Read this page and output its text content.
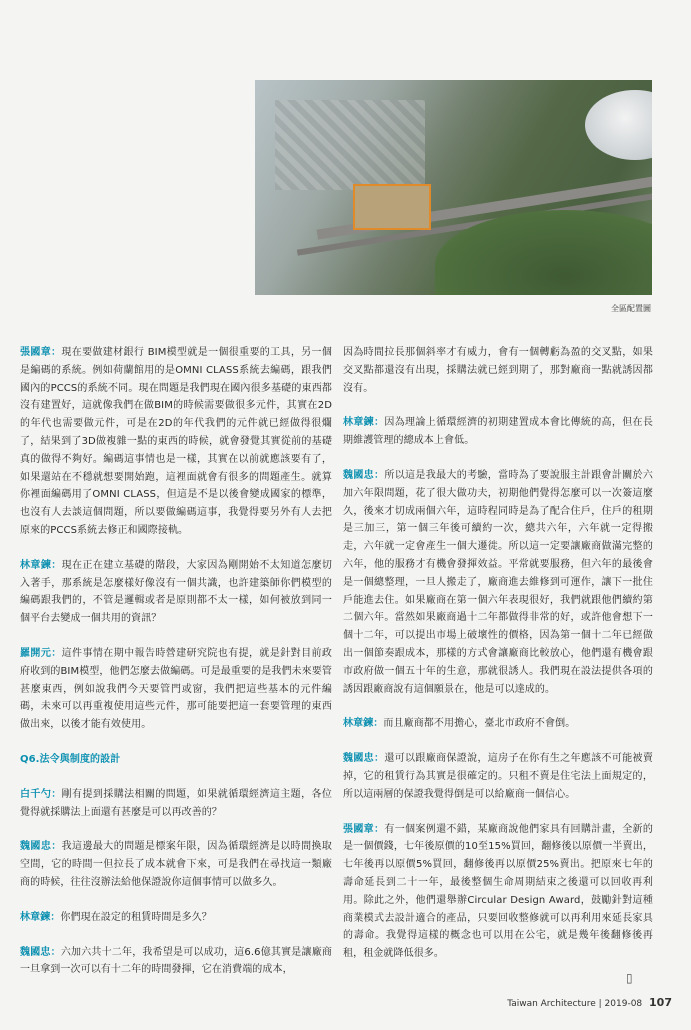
全區配置圖

張國章：現在要做建材銀行 BIM模型就是一個很重要的工具，另一個是編碼的系統。例如荷蘭館用的是OMNI CLASS系統去編碼，跟我們國內的PCCS的系統不同。現在問題是我們現在國內很多基礎的東西都沒有建置好，這就像我們在做BIM的時候需要做很多元件，其實在2D的年代也需要做元件，可是在2D的年代我們的元件就已經做得很爛了，結果到了3D做複雜一點的東西的時候，就會發覺其實從前的基礎真的做得不夠好。編碼這事情也是一樣，其實在以前就應該要有了，如果還站在不穩就想要開始跑，這裡面就會有很多的問題產生。就算你裡面編碼用了OMNI CLASS，但這是不是以後會變成國家的標準，也沒有人去談這個問題，所以要做編碼這事，我覺得要另外有人去把原來的PCCS系統去修正和國際接軌。

林章鍊：現在正在建立基礎的階段，大家因為剛開始不太知道怎麼切入著手，那系統是怎麼樣好像沒有一個共識，也許建築師你們模型的編碼跟我們的，不管是邏輯或者是原則都不太一樣，如何被放到同一個平台去變成一個共用的資訊？

羅開元：這件事情在期中報告時營建研究院也有提，就是針對目前政府收到的BIM模型，他們怎麼去做編碼。可是最重要的是我們未來要管甚麼東西，例如說我們今天要管門或窗，我們把這些基本的元件編碼，未來可以再重複使用這些元件，那可能要把這一套要管理的東西做出來，以後才能有效使用。

Q6.法令與制度的設計

白千勺：剛有提到採購法相關的問題，如果就循環經濟這主題，各位覺得就採購法上面還有甚麼是可以再改善的？

魏國忠：我這邊最大的問題是標案年限，因為循環經濟是以時間換取空間，它的時間一但拉長了成本就會下來，可是我們在尋找這一類廠商的時候，往往沒辦法給他保證說你這個事情可以做多久。

林章鍊：你們現在設定的租賃時間是多久？

魏國忠：六加六共十二年，我希望是可以成功，這6.6億其實是讓廠商一旦拿到一次可以有十二年的時間發揮，它在消費端的成本，

因為時間拉長那個斜率才有威力，會有一個轉虧為盈的交叉點，如果交叉點都還沒有出現，採購法就已經到期了，那對廠商一點就誘因都沒有。

林章鍊：因為理論上循環經濟的初期建置成本會比傳統的高，但在長期維護管理的總成本上會低。

魏國忠：所以這是我最大的考驗，當時為了要說服主計跟會計關於六加六年限問題，花了很大做功夫，初期他們覺得怎麼可以一次簽這麼久，後來才切成兩個六年，這時程同時是為了配合住戶，住戶的租期是三加三，第一個三年後可續約一次，總共六年，六年就一定得搬走，六年就一定會產生一個大遷徙。所以這一定要讓廠商做滿完整的六年，他的服務才有機會發揮效益。平常就要服務，但六年的最後會是一個總整理，一旦人搬走了，廠商進去維修到可運作，讓下一批住戶能進去住。如果廠商在第一個六年表現很好，我們就跟他們續約第二個六年。當然如果廠商過十二年都做得非常的好，或許他會想下一個十二年，可以提出市場上破壞性的價格，因為第一個十二年已經做出一個節奏跟成本，那樣的方式會讓廠商比較放心，他們還有機會跟市政府做一個五十年的生意，那就很誘人。我們現在設法提供各項的誘因跟廠商說有這個願景在，他是可以達成的。

林章鍊：而且廠商都不用擔心，臺北市政府不會倒。

魏國忠：還可以跟廠商保證說，這房子在你有生之年應該不可能被賣掉，它的租賃行為其實是很確定的。只租不賣是住宅法上面規定的，所以這兩層的保證我覺得倒是可以給廠商一個信心。

張國章：有一個案例還不錯，某廠商說他們家具有回購計畫，全新的是一個價錢，七年後原價的10至15%買回，翻修後以原價一半賣出，七年後再以原價5%買回，翻修後再以原價25%賣出。把原來七年的壽命延長到二十一年，最後整個生命周期結束之後還可以回收再利用。除此之外，他們還舉辦Circular Design Award，鼓勵針對這種商業模式去設計適合的產品，只要回收整修就可以再利用來延長家具的壽命。我覺得這樣的概念也可以用在公宅，就是幾年後翻修後再租，租金就降低很多。

▯
Taiwan Architecture | 2019-08 107
